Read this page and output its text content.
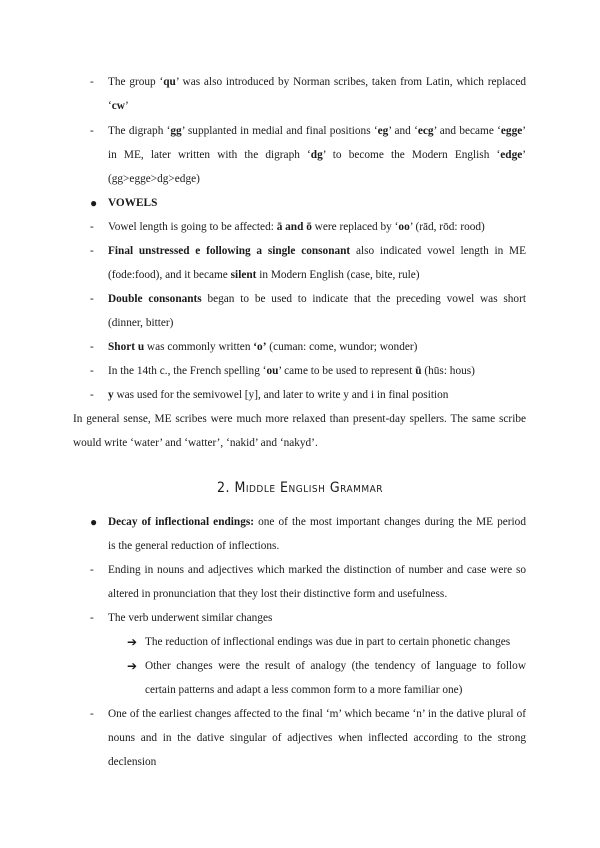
- The group ‘qu’ was also introduced by Norman scribes, taken from Latin, which replaced
‘cw’
- The digraph ‘gg’ supplanted in medial and final positions ‘eg’ and ‘ecg’ and became ‘egge’
in ME, later written with the digraph ‘dg’ to become the Modern English ‘edge’
(gg>egge>dg>edge)
● VOWELS
- Vowel length is going to be affected: ā and ō were replaced by ‘oo’ (rād, rōd: rood)
- Final unstressed e following a single consonant also indicated vowel length in ME
(fode:food), and it became silent in Modern English (case, bite, rule)
- Double consonants began to be used to indicate that the preceding vowel was short
(dinner, bitter)
- Short u was commonly written ‘o’ (cuman: come, wundor; wonder)
- In the 14th c., the French spelling ‘ou’ came to be used to represent ū (hūs: hous)
- y was used for the semivowel [y], and later to write y and i in final position
In general sense, ME scribes were much more relaxed than present-day spellers. The same scribe
would write ‘water’ and ‘watter’, ‘nakid’ and ‘nakyd’.
2. Middle English Grammar
● Decay of inflectional endings: one of the most important changes during the ME period
is the general reduction of inflections.
- Ending in nouns and adjectives which marked the distinction of number and case were so
altered in pronunciation that they lost their distinctive form and usefulness.
- The verb underwent similar changes
➔ The reduction of inflectional endings was due in part to certain phonetic changes
➔ Other changes were the result of analogy (the tendency of language to follow
certain patterns and adapt a less common form to a more familiar one)
- One of the earliest changes affected to the final ‘m’ which became ‘n’ in the dative plural of
nouns and in the dative singular of adjectives when inflected according to the strong
declension
